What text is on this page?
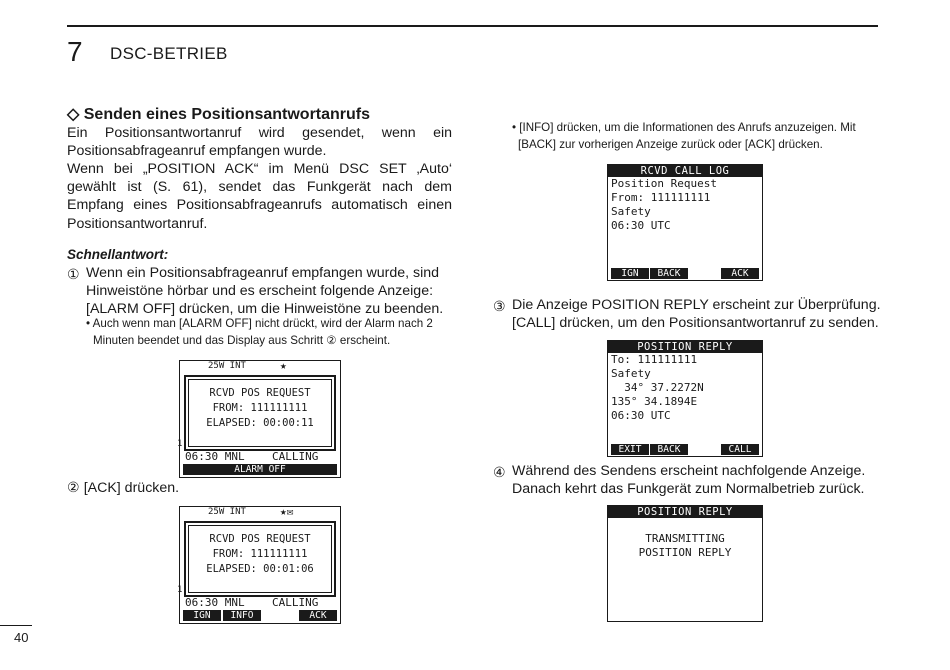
7 DSC-BETRIEB
◇ Senden eines Positionsantwortanrufs
Ein Positionsantwortanruf wird gesendet, wenn ein Positionsabfrageanruf empfangen wurde.
Wenn bei „POSITION ACK“ im Menü DSC SET ‚Auto‘ gewählt ist (S. 61), sendet das Funkgerät nach dem Empfang eines Positionsabfrageanrufs automatisch einen Positionsantwortanruf.
Schnellantwort:
① Wenn ein Positionsabfrageanruf empfangen wurde, sind Hinweistöne hörbar und es erscheint folgende Anzeige: [ALARM OFF] drücken, um die Hinweistöne zu beenden.
• Auch wenn man [ALARM OFF] nicht drückt, wird der Alarm nach 2 Minuten beendet und das Display aus Schritt ② erscheint.
25W INT	★
RCVD POS REQUEST
FROM: 111111111
ELAPSED: 00:00:11
1
06:30 MNL CALLING
ALARM OFF
② [ACK] drücken.
25W INT	★✉
RCVD POS REQUEST
FROM: 111111111
ELAPSED: 00:01:06
1
06:30 MNL CALLING
IGN	INFO	ACK
• [INFO] drücken, um die Informationen des Anrufs anzuzeigen. Mit [BACK] zur vorherigen Anzeige zurück oder [ACK] drücken.
RCVD CALL LOG
Position Request
From: 111111111
Safety
06:30 UTC
IGN	BACK	ACK
③ Die Anzeige POSITION REPLY erscheint zur Überprüfung. [CALL] drücken, um den Positionsantwortanruf zu senden.
POSITION REPLY
To: 111111111
Safety
34° 37.2272N
135° 34.1894E
06:30 UTC
EXIT	BACK	CALL
④ Während des Sendens erscheint nachfolgende Anzeige. Danach kehrt das Funkgerät zum Normalbetrieb zurück.
POSITION REPLY
TRANSMITTING
POSITION REPLY
40
